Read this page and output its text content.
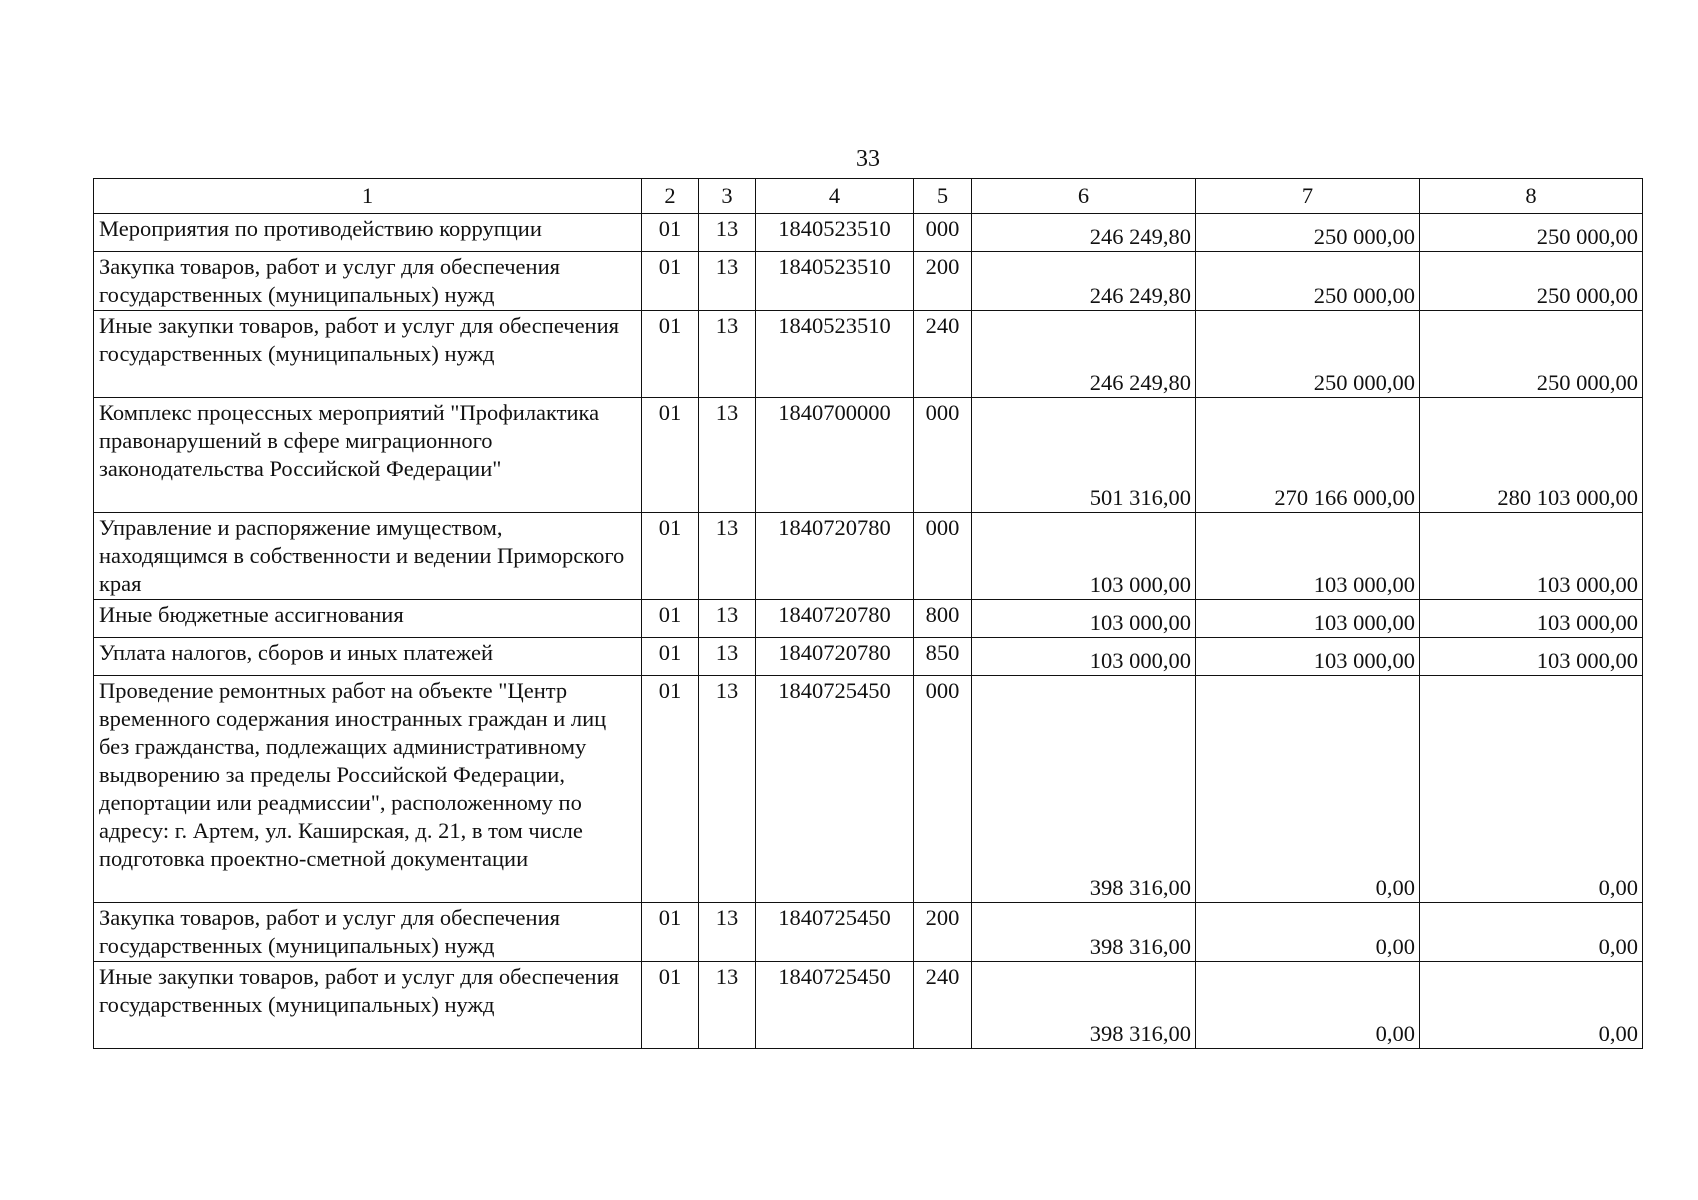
33
1	2	3	4	5	6	7	8
Мероприятия по противодействию коррупции	01	13	1840523510	000	246 249,80	250 000,00	250 000,00
Закупка товаров, работ и услуг для обеспечения государственных (муниципальных) нужд	01	13	1840523510	200	246 249,80	250 000,00	250 000,00
Иные закупки товаров, работ и услуг для обеспечения государственных (муниципальных) нужд	01	13	1840523510	240	246 249,80	250 000,00	250 000,00
Комплекс процессных мероприятий "Профилактика правонарушений в сфере миграционного законодательства Российской Федерации"	01	13	1840700000	000	501 316,00	270 166 000,00	280 103 000,00
Управление и распоряжение имуществом, находящимся в собственности и ведении Приморского края	01	13	1840720780	000	103 000,00	103 000,00	103 000,00
Иные бюджетные ассигнования	01	13	1840720780	800	103 000,00	103 000,00	103 000,00
Уплата налогов, сборов и иных платежей	01	13	1840720780	850	103 000,00	103 000,00	103 000,00
Проведение ремонтных работ на объекте "Центр временного содержания иностранных граждан и лиц без гражданства, подлежащих административному выдворению за пределы Российской Федерации, депортации или реадмиссии", расположенному по адресу: г. Артем, ул. Каширская, д. 21, в том числе подготовка проектно-сметной документации	01	13	1840725450	000	398 316,00	0,00	0,00
Закупка товаров, работ и услуг для обеспечения государственных (муниципальных) нужд	01	13	1840725450	200	398 316,00	0,00	0,00
Иные закупки товаров, работ и услуг для обеспечения государственных (муниципальных) нужд	01	13	1840725450	240	398 316,00	0,00	0,00
